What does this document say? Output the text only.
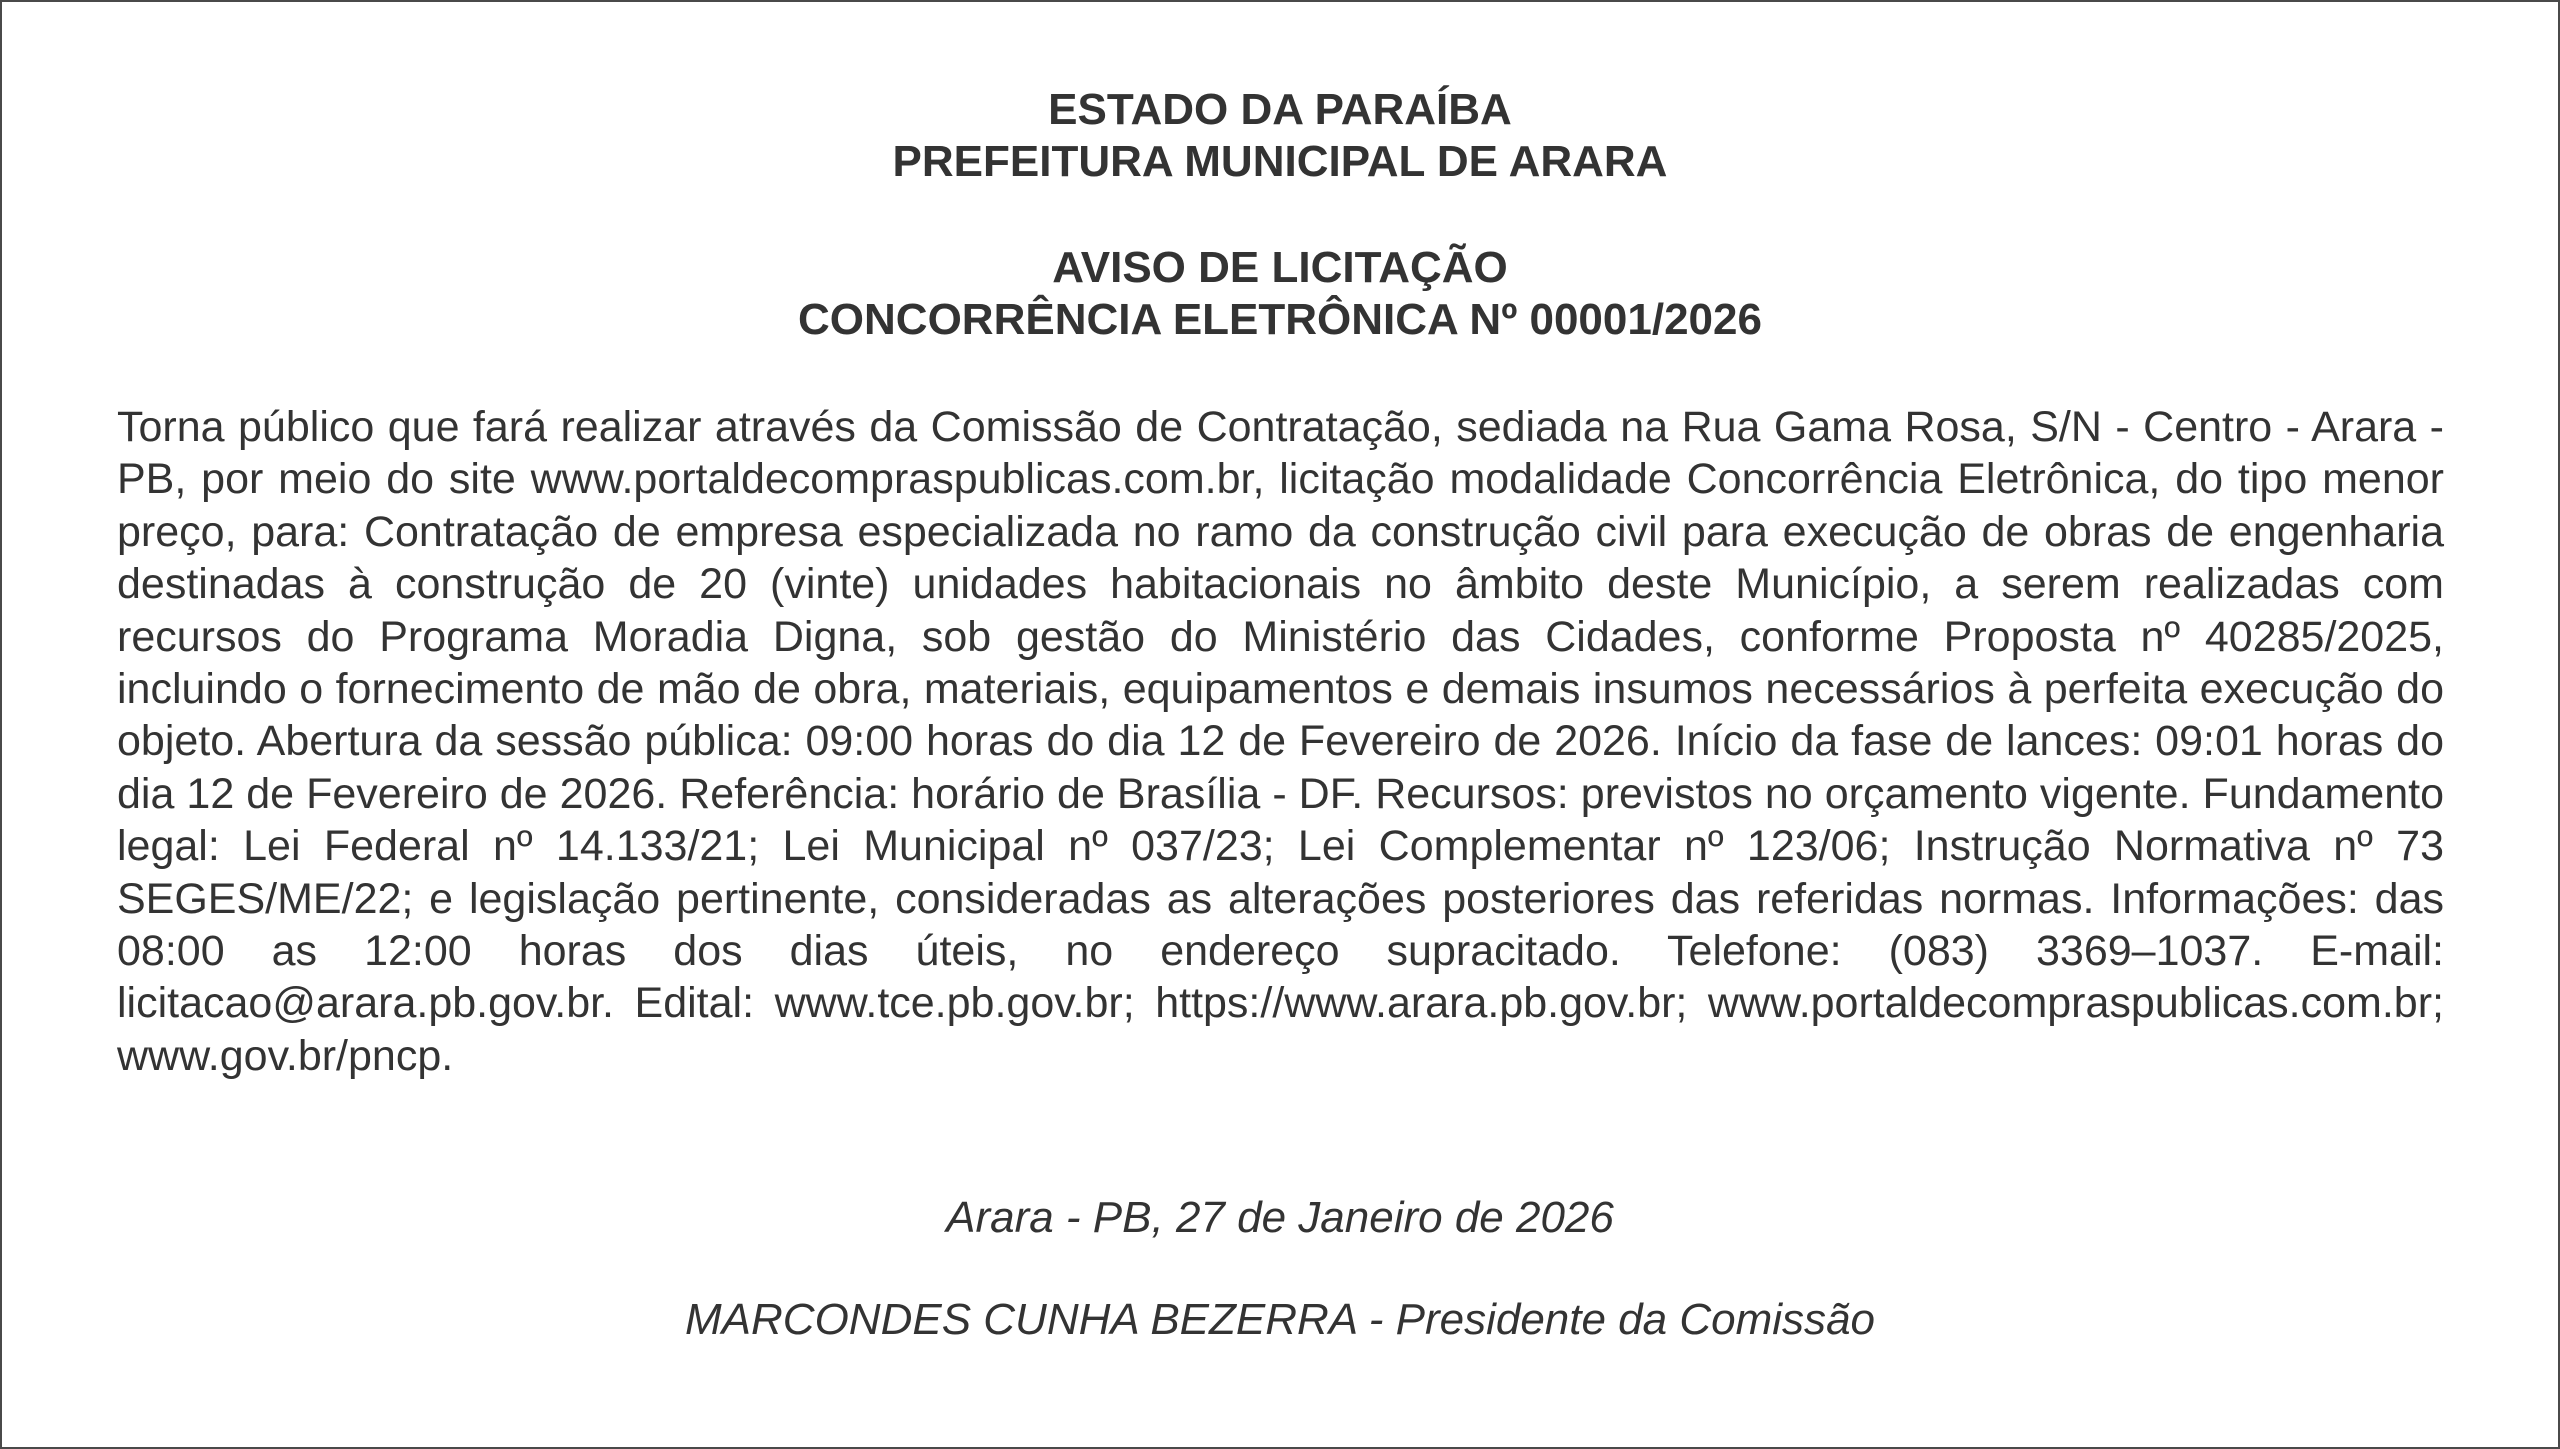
ESTADO DA PARAÍBA
PREFEITURA MUNICIPAL DE ARARA
AVISO DE LICITAÇÃO
CONCORRÊNCIA ELETRÔNICA Nº 00001/2026
Torna público que fará realizar através da Comissão de Contratação, sediada na Rua Gama Rosa, S/N - Centro - Arara - PB, por meio do site www.portaldecompraspublicas.com.br, licitação modalidade Concorrência Eletrônica, do tipo menor preço, para: Contratação de empresa especializada no ramo da construção civil para execução de obras de engenharia destinadas à construção de 20 (vinte) unidades habitacionais no âmbito deste Município, a serem realizadas com recursos do Programa Moradia Digna, sob gestão do Ministério das Cidades, conforme Proposta nº 40285/2025, incluindo o fornecimento de mão de obra, materiais, equipamentos e demais insumos necessários à perfeita execução do objeto. Abertura da sessão pública: 09:00 horas do dia 12 de Fevereiro de 2026. Início da fase de lances: 09:01 horas do dia 12 de Fevereiro de 2026. Referência: horário de Brasília - DF. Recursos: previstos no orçamento vigente. Fundamento legal: Lei Federal nº 14.133/21; Lei Municipal nº 037/23; Lei Complementar nº 123/06; Instrução Normativa nº 73 SEGES/ME/22; e legislação pertinente, consideradas as alterações posteriores das referidas normas. Informações: das 08:00 as 12:00 horas dos dias úteis, no endereço supracitado. Telefone: (083) 3369–1037. E-mail: licitacao@arara.pb.gov.br. Edital: www.tce.pb.gov.br; https://www.arara.pb.gov.br; www.portaldecompraspublicas.com.br; www.gov.br/pncp.
Arara - PB, 27 de Janeiro de 2026
MARCONDES CUNHA BEZERRA - Presidente da Comissão
